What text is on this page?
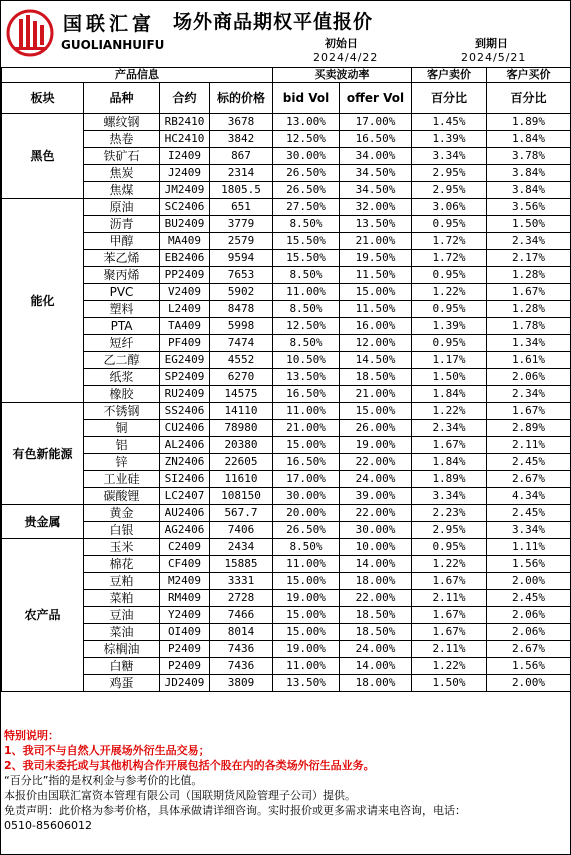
国联汇富
GUOLIANHUIFU
场外商品期权平值报价
初始日
2024/4/22
到期日
2024/5/21
产品信息				买卖波动率		客户卖价	客户买价
板块	品种	合约	标的价格	bid Vol	offer Vol	百分比	百分比
黑色	螺纹钢	RB2410	3678	13.00%	17.00%	1.45%	1.89%
	热卷	HC2410	3842	12.50%	16.50%	1.39%	1.84%
	铁矿石	I2409	867	30.00%	34.00%	3.34%	3.78%
	焦炭	J2409	2314	26.50%	34.50%	2.95%	3.84%
	焦煤	JM2409	1805.5	26.50%	34.50%	2.95%	3.84%
能化	原油	SC2406	651	27.50%	32.00%	3.06%	3.56%
	沥青	BU2409	3779	8.50%	13.50%	0.95%	1.50%
	甲醇	MA409	2579	15.50%	21.00%	1.72%	2.34%
	苯乙烯	EB2406	9594	15.50%	19.50%	1.72%	2.17%
	聚丙烯	PP2409	7653	8.50%	11.50%	0.95%	1.28%
	PVC	V2409	5902	11.00%	15.00%	1.22%	1.67%
	塑料	L2409	8478	8.50%	11.50%	0.95%	1.28%
	PTA	TA409	5998	12.50%	16.00%	1.39%	1.78%
	短纤	PF409	7474	8.50%	12.00%	0.95%	1.34%
	乙二醇	EG2409	4552	10.50%	14.50%	1.17%	1.61%
	纸浆	SP2409	6270	13.50%	18.50%	1.50%	2.06%
	橡胶	RU2409	14575	16.50%	21.00%	1.84%	2.34%
有色新能源	不锈钢	SS2406	14110	11.00%	15.00%	1.22%	1.67%
	铜	CU2406	78980	21.00%	26.00%	2.34%	2.89%
	铝	AL2406	20380	15.00%	19.00%	1.67%	2.11%
	锌	ZN2406	22605	16.50%	22.00%	1.84%	2.45%
	工业硅	SI2406	11610	17.00%	24.00%	1.89%	2.67%
	碳酸锂	LC2407	108150	30.00%	39.00%	3.34%	4.34%
贵金属	黄金	AU2406	567.7	20.00%	22.00%	2.23%	2.45%
	白银	AG2406	7406	26.50%	30.00%	2.95%	3.34%
农产品	玉米	C2409	2434	8.50%	10.00%	0.95%	1.11%
	棉花	CF409	15885	11.00%	14.00%	1.22%	1.56%
	豆粕	M2409	3331	15.00%	18.00%	1.67%	2.00%
	菜粕	RM409	2728	19.00%	22.00%	2.11%	2.45%
	豆油	Y2409	7466	15.00%	18.50%	1.67%	2.06%
	菜油	OI409	8014	15.00%	18.50%	1.67%	2.06%
	棕榈油	P2409	7436	19.00%	24.00%	2.11%	2.67%
	白糖	P2409	7436	11.00%	14.00%	1.22%	1.56%
	鸡蛋	JD2409	3809	13.50%	18.00%	1.50%	2.00%
特别说明：
1、我司不与自然人开展场外衍生品交易；
2、我司未委托或与其他机构合作开展包括个股在内的各类场外衍生品业务。
“百分比”指的是权利金与参考价的比值。
本报价由国联汇富资本管理有限公司（国联期货风险管理子公司）提供。
免责声明：此价格为参考价格，具体承做请详细咨询。实时报价或更多需求请来电咨询，电话：
0510-85606012
